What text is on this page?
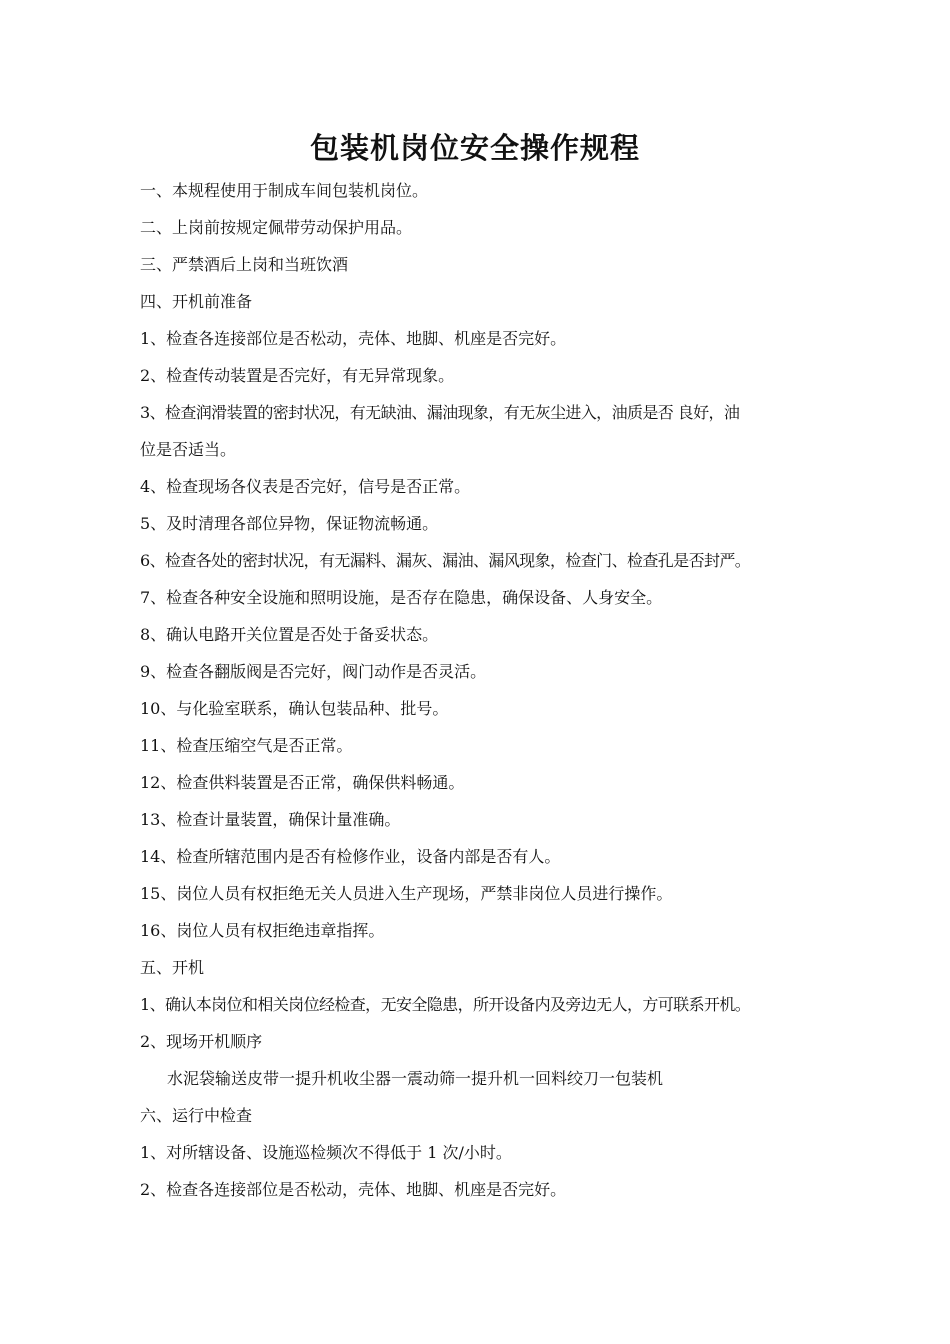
包装机岗位安全操作规程

一、本规程使用于制成车间包装机岗位。

二、上岗前按规定佩带劳动保护用品。

三、严禁酒后上岗和当班饮酒

四、开机前准备

1、检查各连接部位是否松动，壳体、地脚、机座是否完好。

2、检查传动装置是否完好，有无异常现象。

3、检查润滑装置的密封状况，有无缺油、漏油现象，有无灰尘进入，油质是否 良好，油

位是否适当。

4、检查现场各仪表是否完好，信号是否正常。

5、及时清理各部位异物，保证物流畅通。

6、检查各处的密封状况，有无漏料、漏灰、漏油、漏风现象，检查门、检查孔是否封严。

7、检查各种安全设施和照明设施，是否存在隐患，确保设备、人身安全。

8、确认电路开关位置是否处于备妥状态。

9、检查各翻版阀是否完好，阀门动作是否灵活。

10、与化验室联系，确认包装品种、批号。

11、检查压缩空气是否正常。

12、检查供料装置是否正常，确保供料畅通。

13、检查计量装置，确保计量准确。

14、检查所辖范围内是否有检修作业，设备内部是否有人。

15、岗位人员有权拒绝无关人员进入生产现场，严禁非岗位人员进行操作。

16、岗位人员有权拒绝违章指挥。

五、开机

1、确认本岗位和相关岗位经检查，无安全隐患，所开设备内及旁边无人，方可联系开机。

2、现场开机顺序

水泥袋输送皮带一提升机收尘器一震动筛一提升机一回料绞刀一包装机

六、运行中检查

1、对所辖设备、设施巡检频次不得低于 1 次/小时。

2、检查各连接部位是否松动，壳体、地脚、机座是否完好。
